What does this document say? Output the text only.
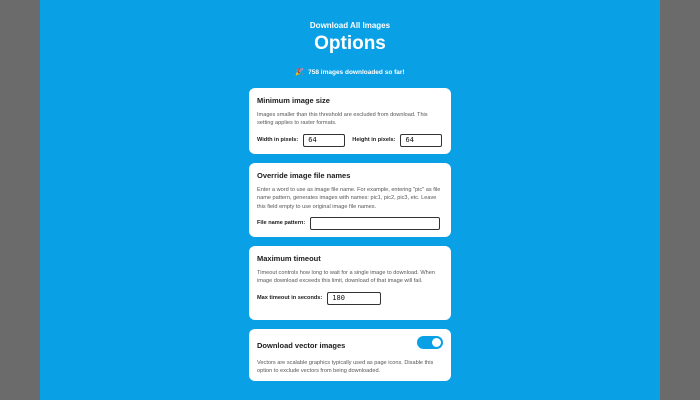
Download All Images
Options
🎉 758 images downloaded so far!
Minimum image size

Images smaller than this threshold are excluded from download. This setting applies to raster formats.

Width in pixels:
64	Height in pixels:
64
Override image file names

Enter a word to use as image file name. For example, entering "pic" as file name pattern, generates images with names: pic1, pic2, pic3, etc. Leave this field empty to use original image file names.

File name pattern:
Maximum timeout

Timeout controls how long to wait for a single image to download. When image download exceeds this limit, download of that image will fail.

Max timeout in seconds:
180
Download vector images

Vectors are scalable graphics typically used as page icons. Disable this option to exclude vectors from being downloaded.
